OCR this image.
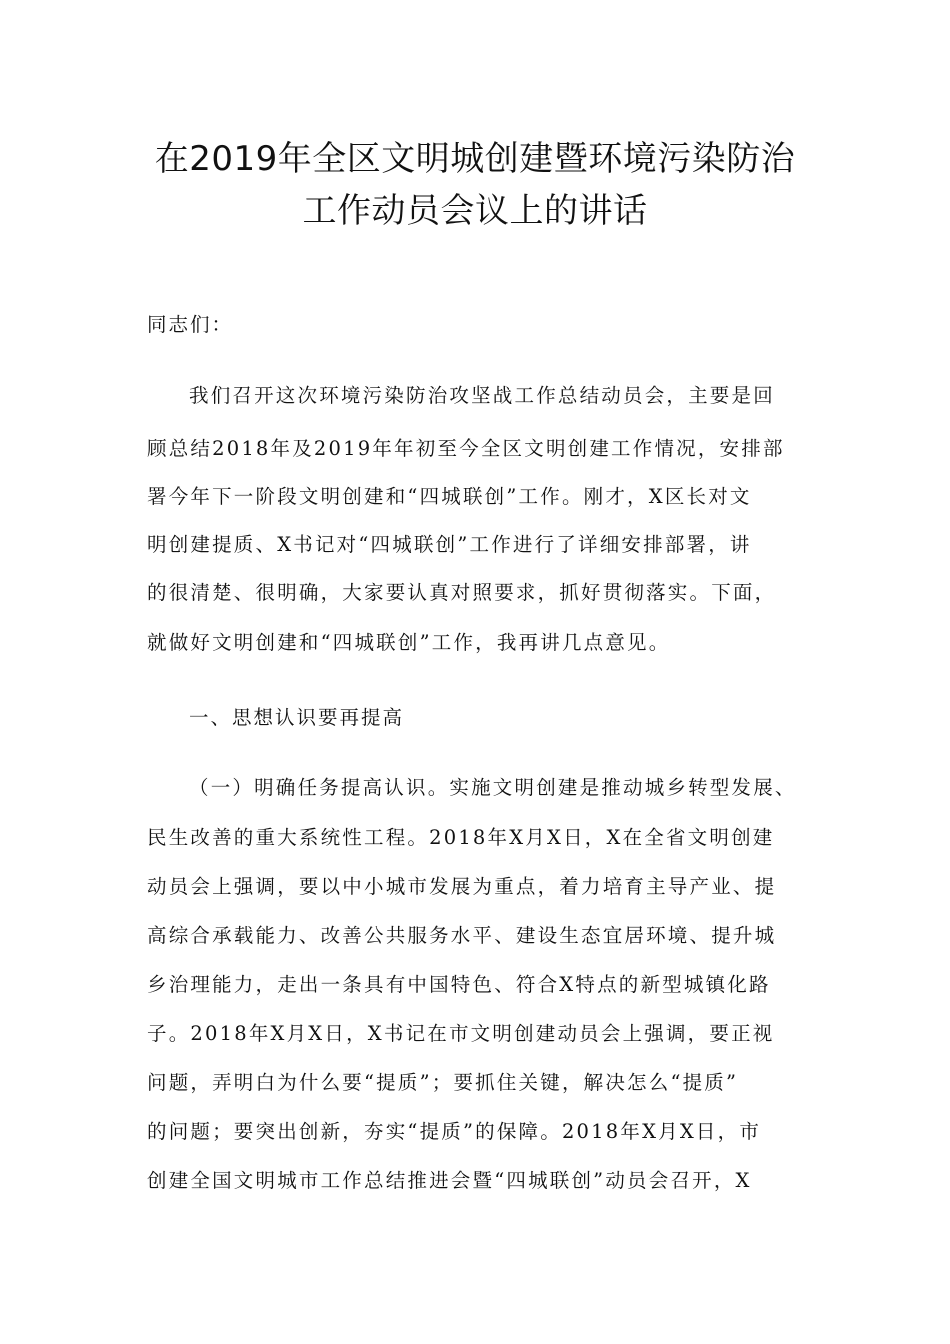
在2019年全区文明城创建暨环境污染防治
工作动员会议上的讲话
同志们：
我们召开这次环境污染防治攻坚战工作总结动员会，主要是回
顾总结2018年及2019年年初至今全区文明创建工作情况，安排部
署今年下一阶段文明创建和“四城联创”工作。刚才，X区长对文
明创建提质、X书记对“四城联创”工作进行了详细安排部署，讲
的很清楚、很明确，大家要认真对照要求，抓好贯彻落实。下面，
就做好文明创建和“四城联创”工作，我再讲几点意见。
一、思想认识要再提高
（一）明确任务提高认识。实施文明创建是推动城乡转型发展、
民生改善的重大系统性工程。2018年X月X日，X在全省文明创建
动员会上强调，要以中小城市发展为重点，着力培育主导产业、提
高综合承载能力、改善公共服务水平、建设生态宜居环境、提升城
乡治理能力，走出一条具有中国特色、符合X特点的新型城镇化路
子。2018年X月X日，X书记在市文明创建动员会上强调，要正视
问题，弄明白为什么要“提质”；要抓住关键，解决怎么“提质”
的问题；要突出创新，夯实“提质”的保障。2018年X月X日，市
创建全国文明城市工作总结推进会暨“四城联创”动员会召开，X
